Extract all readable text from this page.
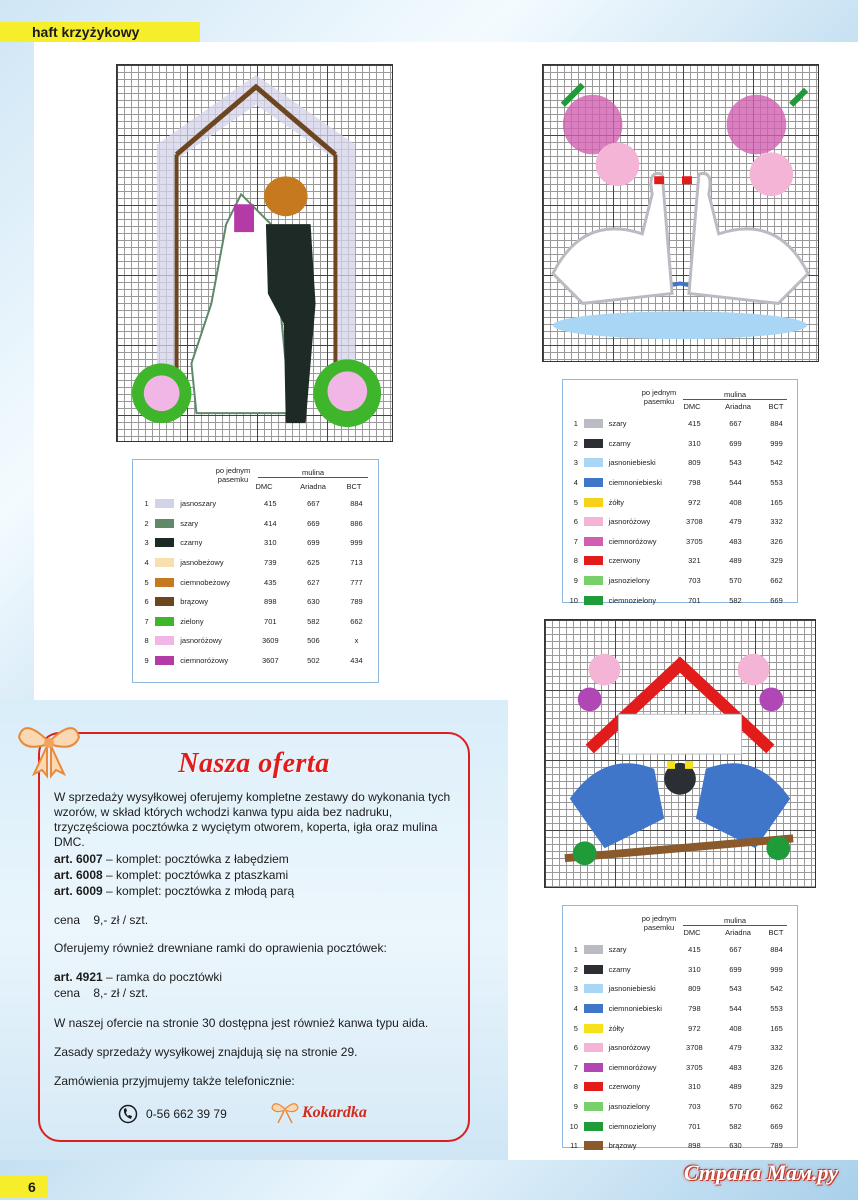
haft krzyżykowy
po jednym pasemku
mulina
DMC	Ariadna	BCT
1	jasnoszary	415	667	884
2	szary	414	669	886
3	czarny	310	699	999
4	jasnobeżowy	739	625	713
5	ciemnobeżowy	435	627	777
6	brązowy	898	630	789
7	zielony	701	582	662
8	jasnoróżowy	3609	506	x
9	ciemnoróżowy	3607	502	434
po jednym pasemku
mulina
DMC	Ariadna	BCT
1	szary	415	667	884
2	czarny	310	699	999
3	jasnoniebieski	809	543	542
4	ciemnoniebieski	798	544	553
5	żółty	972	408	165
6	jasnoróżowy	3708	479	332
7	ciemnoróżowy	3705	483	326
8	czerwony	321	489	329
9	jasnozielony	703	570	662
10	ciemnozielony	701	582	669
po jednym pasemku
mulina
DMC	Ariadna	BCT
1	szary	415	667	884
2	czarny	310	699	999
3	jasnoniebieski	809	543	542
4	ciemnoniebieski	798	544	553
5	żółty	972	408	165
6	jasnoróżowy	3708	479	332
7	ciemnoróżowy	3705	483	326
8	czerwony	310	489	329
9	jasnozielony	703	570	662
10	ciemnozielony	701	582	669
11	brązowy	898	630	789
Nasza oferta
W sprzedaży wysyłkowej oferujemy kompletne zestawy do wykonania tych wzorów, w skład których wchodzi kanwa typu aida bez nadruku, trzyczęściowa pocztówka z wyciętym otworem, koperta, igła oraz mulina DMC.
art. 6007 – komplet: pocztówka z łabędziem
art. 6008 – komplet: pocztówka z ptaszkami
art. 6009 – komplet: pocztówka z młodą parą
cena    9,- zł / szt.
Oferujemy również drewniane ramki do oprawienia pocztówek:
art. 4921 – ramka do pocztówki
cena    8,- zł / szt.
W naszej ofercie na stronie 30 dostępna jest również kanwa typu aida.
Zasady sprzedaży wysyłkowej znajdują się na stronie 29.
Zamówienia przyjmujemy także telefonicznie:
0-56 662 39 79	Kokardka
6
Страна Мам.ру
